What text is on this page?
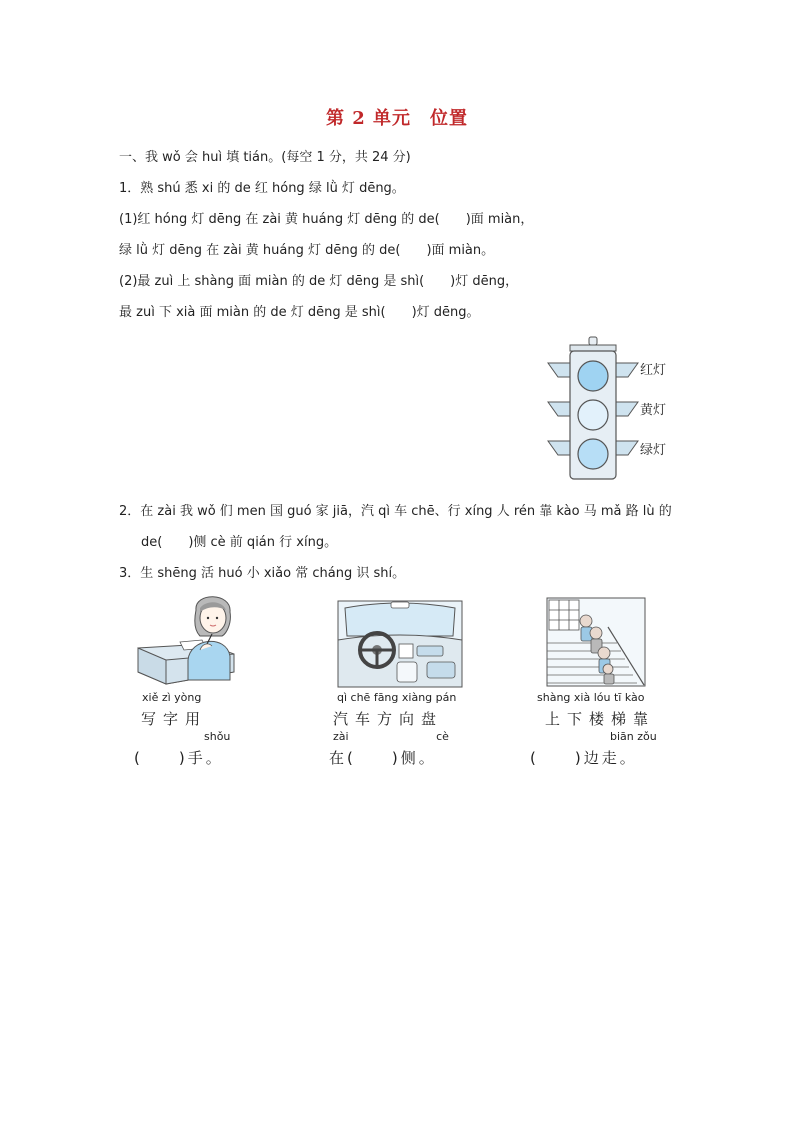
第 2 单元　位置
一、我 wǒ 会 huì 填 tián。(每空 1 分，共 24 分)
1．熟 shú 悉 xi 的 de 红 hóng 绿 lǜ 灯 dēng。
(1)红 hóng 灯 dēng 在 zài 黄 huáng 灯 dēng 的 de(　　)面 miàn，
绿 lǜ 灯 dēng 在 zài 黄 huáng 灯 dēng 的 de(　　)面 miàn。
(2)最 zuì 上 shàng 面 miàn 的 de 灯 dēng 是 shì(　　)灯 dēng，
最 zuì 下 xià 面 miàn 的 de 灯 dēng 是 shì(　　)灯 dēng。
红灯
黄灯
绿灯
2．在 zài 我 wǒ 们 men 国 guó 家 jiā，汽 qì 车 chē、行 xíng 人 rén 靠 kào 马 mǎ 路 lù 的
de(　　)侧 cè 前 qián 行 xíng。
3．生 shēng 活 huó 小 xiǎo 常 cháng 识 shí。
xiě zì yòng
写字用
shǒu
(　　)手。
qì chē fāng xiàng pán
汽车方向盘
zài cè
在(　　)侧。
shàng xià lóu tī kào
上下楼梯靠
biān zǒu
(　　)边走。
